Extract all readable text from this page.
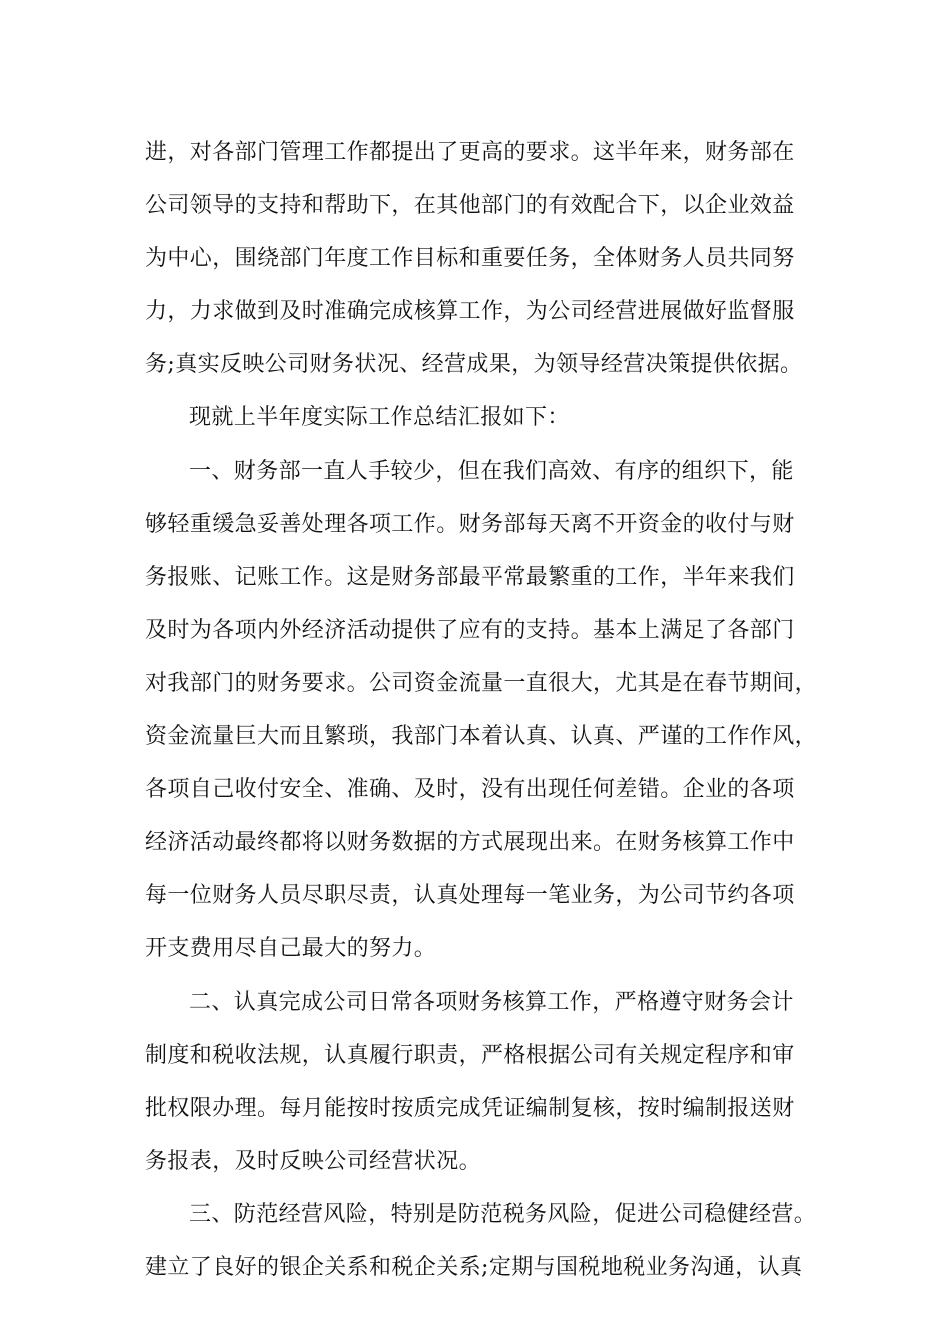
进，对各部门管理工作都提出了更高的要求。这半年来，财务部在
公司领导的支持和帮助下，在其他部门的有效配合下，以企业效益
为中心，围绕部门年度工作目标和重要任务，全体财务人员共同努
力，力求做到及时准确完成核算工作，为公司经营进展做好监督服
务;真实反映公司财务状况、经营成果，为领导经营决策提供依据。
现就上半年度实际工作总结汇报如下：
一、财务部一直人手较少，但在我们高效、有序的组织下，能
够轻重缓急妥善处理各项工作。财务部每天离不开资金的收付与财
务报账、记账工作。这是财务部最平常最繁重的工作，半年来我们
及时为各项内外经济活动提供了应有的支持。基本上满足了各部门
对我部门的财务要求。公司资金流量一直很大，尤其是在春节期间，
资金流量巨大而且繁琐，我部门本着认真、认真、严谨的工作作风，
各项自己收付安全、准确、及时，没有出现任何差错。企业的各项
经济活动最终都将以财务数据的方式展现出来。在财务核算工作中
每一位财务人员尽职尽责，认真处理每一笔业务，为公司节约各项
开支费用尽自己最大的努力。
二、认真完成公司日常各项财务核算工作，严格遵守财务会计
制度和税收法规，认真履行职责，严格根据公司有关规定程序和审
批权限办理。每月能按时按质完成凭证编制复核，按时编制报送财
务报表，及时反映公司经营状况。
三、防范经营风险，特别是防范税务风险，促进公司稳健经营。
建立了良好的银企关系和税企关系;定期与国税地税业务沟通，认真
